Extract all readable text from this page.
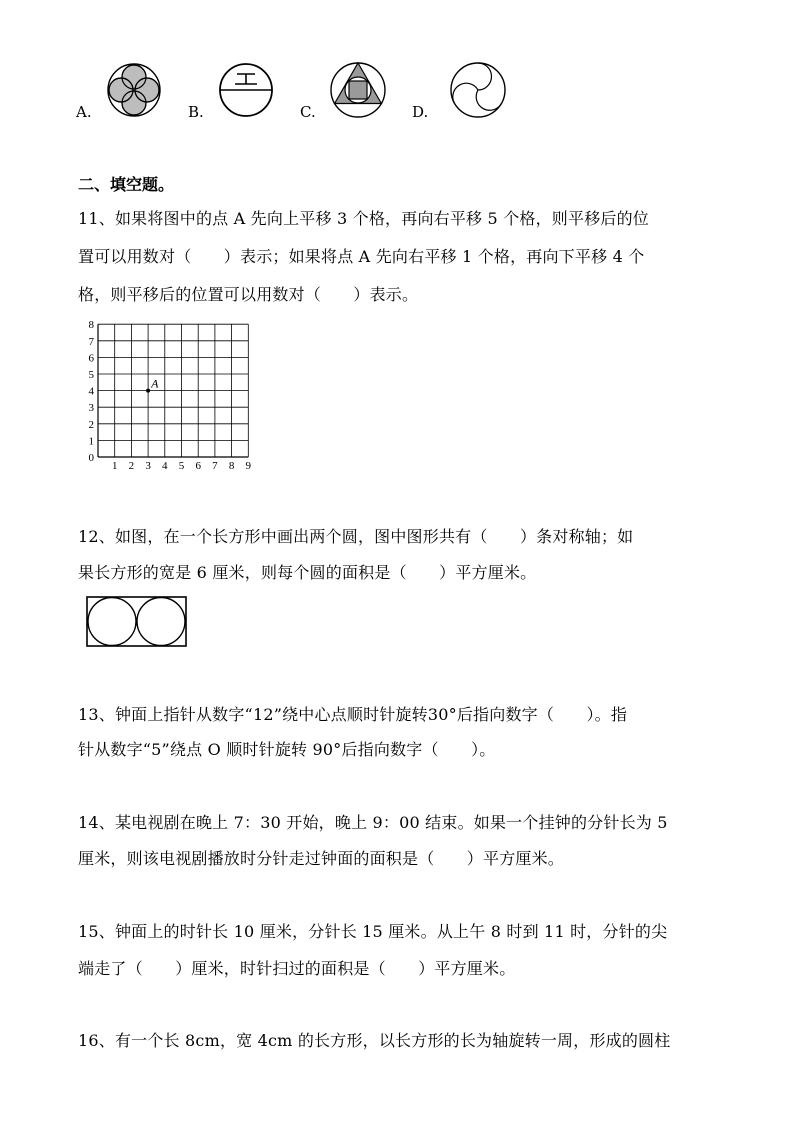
A.	B.	C.	D.
二、填空题。
11、如果将图中的点 A 先向上平移 3 个格，再向右平移 5 个格，则平移后的位
置可以用数对（　　）表示；如果将点 A 先向右平移 1 个格，再向下平移 4 个
格，则平移后的位置可以用数对（　　）表示。
1 2 3 4 5 6 7 8 9
0
1
2
3
4
5
6
7
8
A
12、如图，在一个长方形中画出两个圆，图中图形共有（　　）条对称轴；如
果长方形的宽是 6 厘米，则每个圆的面积是（　　）平方厘米。
13、钟面上指针从数字“12”绕中心点顺时针旋转30°后指向数字（　　）。指
针从数字“5”绕点 O 顺时针旋转 90°后指向数字（　　）。
14、某电视剧在晚上 7：30 开始，晚上 9：00 结束。如果一个挂钟的分针长为 5
厘米，则该电视剧播放时分针走过钟面的面积是（　　）平方厘米。
15、钟面上的时针长 10 厘米，分针长 15 厘米。从上午 8 时到 11 时，分针的尖
端走了（　　）厘米，时针扫过的面积是（　　）平方厘米。
16、有一个长 8cm，宽 4cm 的长方形，以长方形的长为轴旋转一周，形成的圆柱
